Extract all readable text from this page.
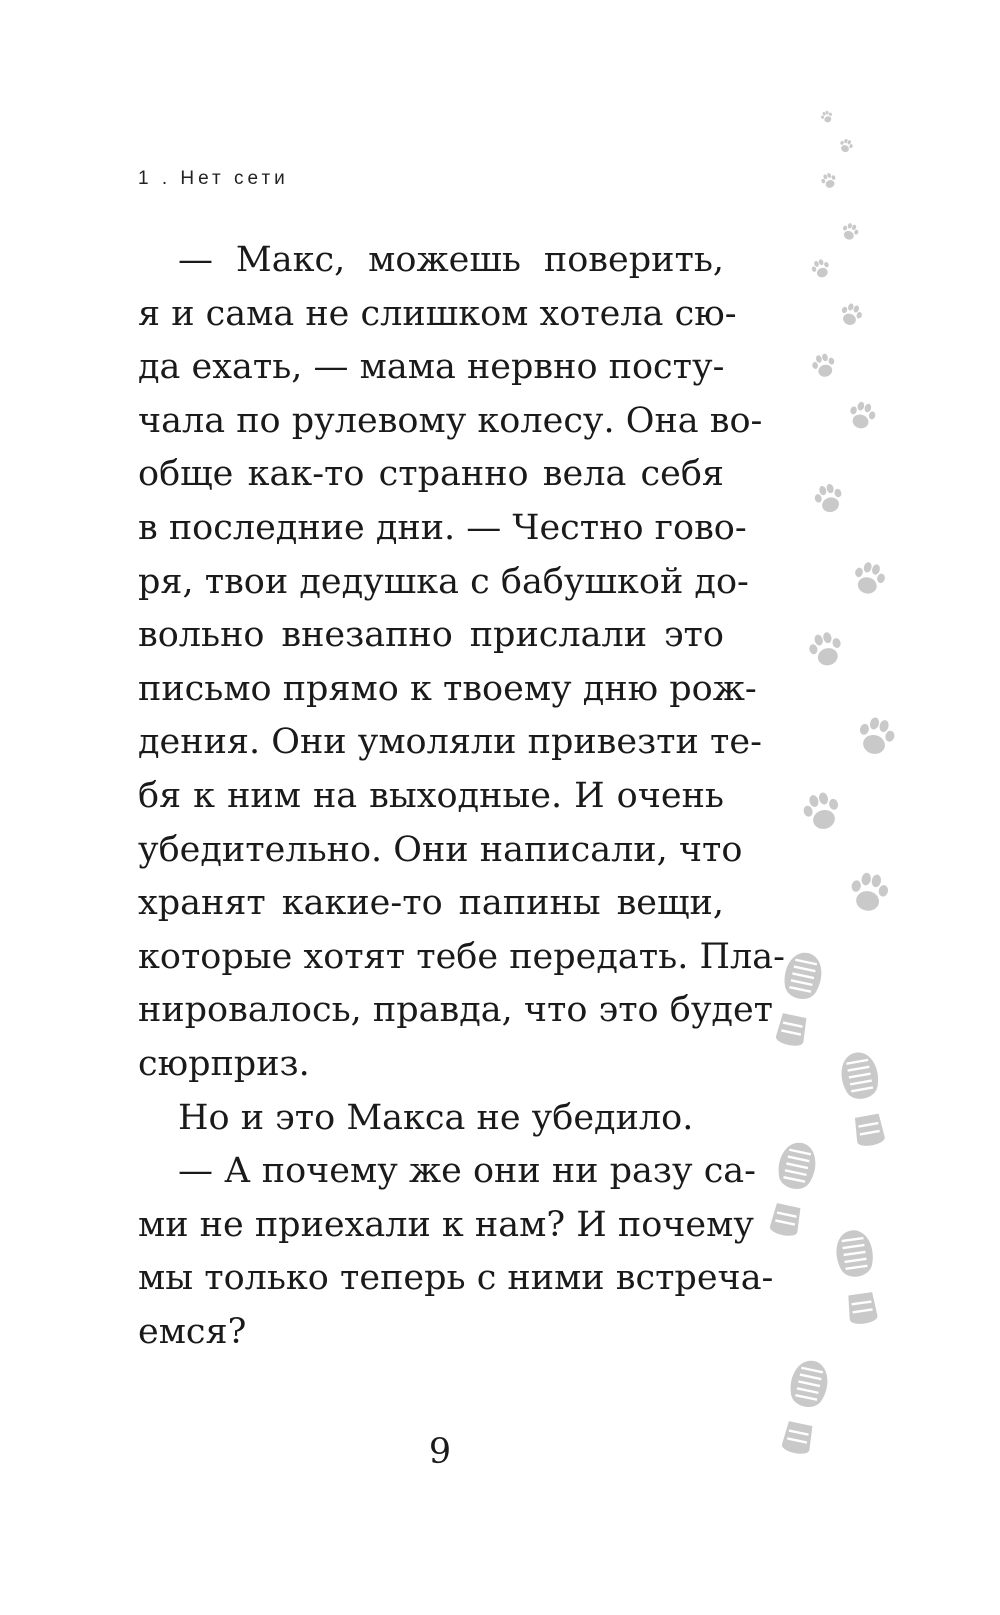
1 . Нет сети
— Макс, можешь поверить,
я и сама не слишком хотела сю-
да ехать, — мама нервно посту-
чала по рулевому колесу. Она во-
обще как-то странно вела себя
в последние дни. — Честно гово-
ря, твои дедушка с бабушкой до-
вольно внезапно прислали это
письмо прямо к твоему дню рож-
дения. Они умоляли привезти те-
бя к ним на выходные. И очень
убедительно. Они написали, что
хранят какие-то папины вещи,
которые хотят тебе передать. Пла-
нировалось, правда, что это будет
сюрприз.
Но и это Макса не убедило.
— А почему же они ни разу са-
ми не приехали к нам? И почему
мы только теперь с ними встреча-
емся?
9
